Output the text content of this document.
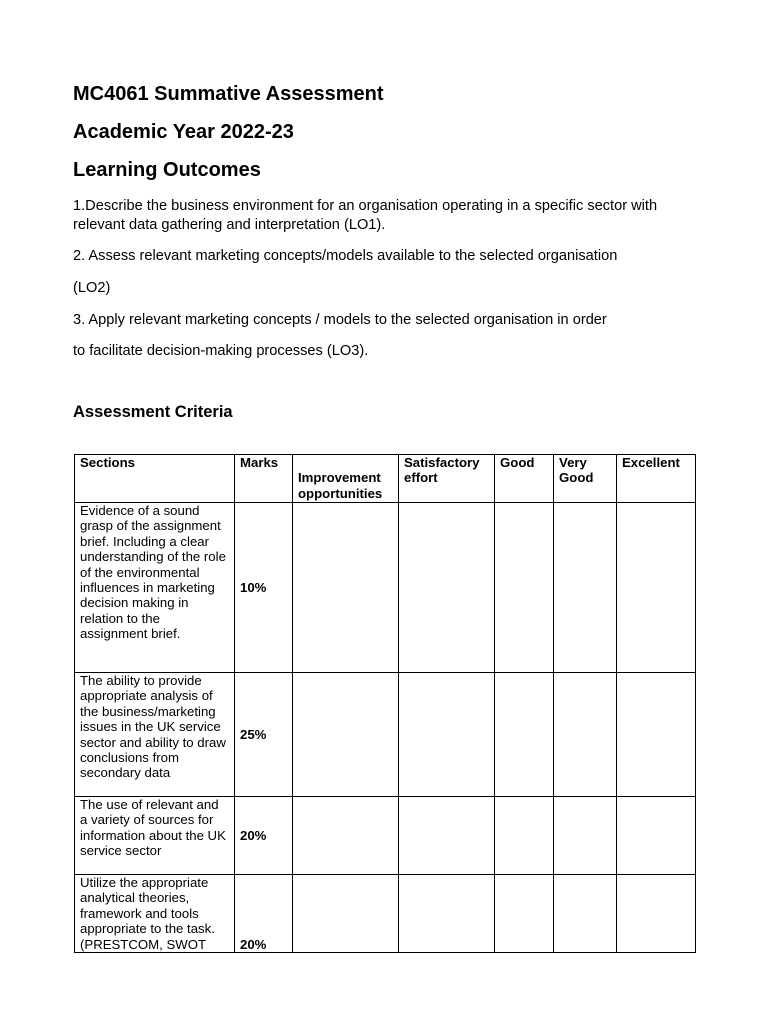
MC4061 Summative Assessment
Academic Year 2022-23
Learning Outcomes

1.Describe the business environment for an organisation operating in a specific sector with relevant data gathering and interpretation (LO1).

2. Assess relevant marketing concepts/models available to the selected organisation

(LO2)

3. Apply relevant marketing concepts / models to the selected organisation in order

to facilitate decision-making processes (LO3).

Assessment Criteria
Sections	Marks	Improvement opportunities	Satisfactory effort	Good	Very Good	Excellent
Evidence of a sound grasp of the assignment brief. Including a clear understanding of the role of the environmental influences in marketing decision making in relation to the assignment brief.	10%					
The ability to provide appropriate analysis of the business/marketing issues in the UK service sector and ability to draw conclusions from secondary data	25%					
The use of relevant and a variety of sources for information about the UK service sector	20%					
Utilize the appropriate analytical theories, framework and tools appropriate to the task. (PRESTCOM, SWOT	20%					
